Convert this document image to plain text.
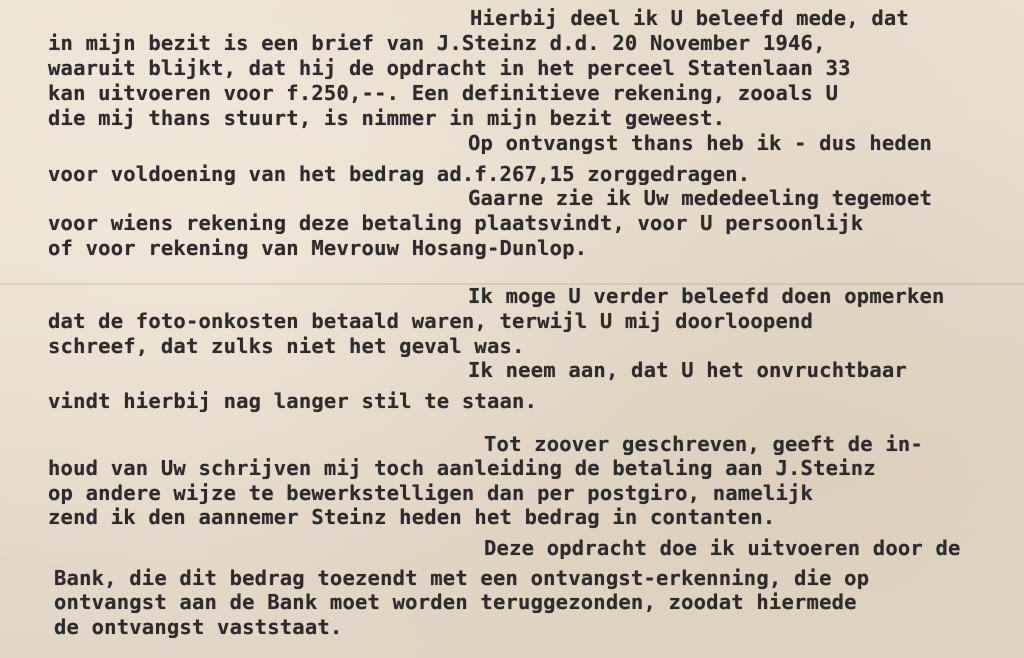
Hierbij deel ik U beleefd mede, dat
in mijn bezit is een brief van J.Steinz d.d. 20 November 1946,
waaruit blijkt, dat hij de opdracht in het perceel Statenlaan 33
kan uitvoeren voor f.250,--. Een definitieve rekening, zooals U
die mij thans stuurt, is nimmer in mijn bezit geweest.
Op ontvangst thans heb ik - dus heden
voor voldoening van het bedrag ad.f.267,15 zorggedragen.
Gaarne zie ik Uw mededeeling tegemoet
voor wiens rekening deze betaling plaatsvindt, voor U persoonlijk
of voor rekening van Mevrouw Hosang-Dunlop.
Ik moge U verder beleefd doen opmerken
dat de foto-onkosten betaald waren, terwijl U mij doorloopend
schreef, dat zulks niet het geval was.
Ik neem aan, dat U het onvruchtbaar
vindt hierbij nag langer stil te staan.
Tot zoover geschreven, geeft de in-
houd van Uw schrijven mij toch aanleiding de betaling aan J.Steinz
op andere wijze te bewerkstelligen dan per postgiro, namelijk
zend ik den aannemer Steinz heden het bedrag in contanten.
Deze opdracht doe ik uitvoeren door de
Bank, die dit bedrag toezendt met een ontvangst-erkenning, die op
ontvangst aan de Bank moet worden teruggezonden, zoodat hiermede
de ontvangst vaststaat.
